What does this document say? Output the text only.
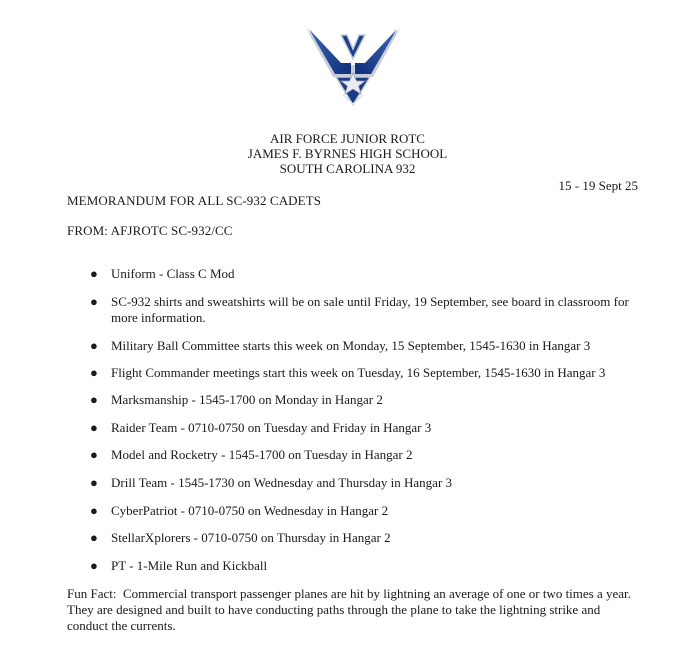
AIR FORCE JUNIOR ROTC
JAMES F. BYRNES HIGH SCHOOL
SOUTH CAROLINA 932
15 - 19 Sept 25
MEMORANDUM FOR ALL SC-932 CADETS
FROM: AFJROTC SC-932/CC
● Uniform - Class C Mod
● SC-932 shirts and sweatshirts will be on sale until Friday, 19 September, see board in classroom for more information.
● Military Ball Committee starts this week on Monday, 15 September, 1545-1630 in Hangar 3
● Flight Commander meetings start this week on Tuesday, 16 September, 1545-1630 in Hangar 3
● Marksmanship - 1545-1700 on Monday in Hangar 2
● Raider Team - 0710-0750 on Tuesday and Friday in Hangar 3
● Model and Rocketry - 1545-1700 on Tuesday in Hangar 2
● Drill Team - 1545-1730 on Wednesday and Thursday in Hangar 3
● CyberPatriot - 0710-0750 on Wednesday in Hangar 2
● StellarXplorers - 0710-0750 on Thursday in Hangar 2
● PT - 1-Mile Run and Kickball
Fun Fact: Commercial transport passenger planes are hit by lightning an average of one or two times a year. They are designed and built to have conducting paths through the plane to take the lightning strike and conduct the currents.
